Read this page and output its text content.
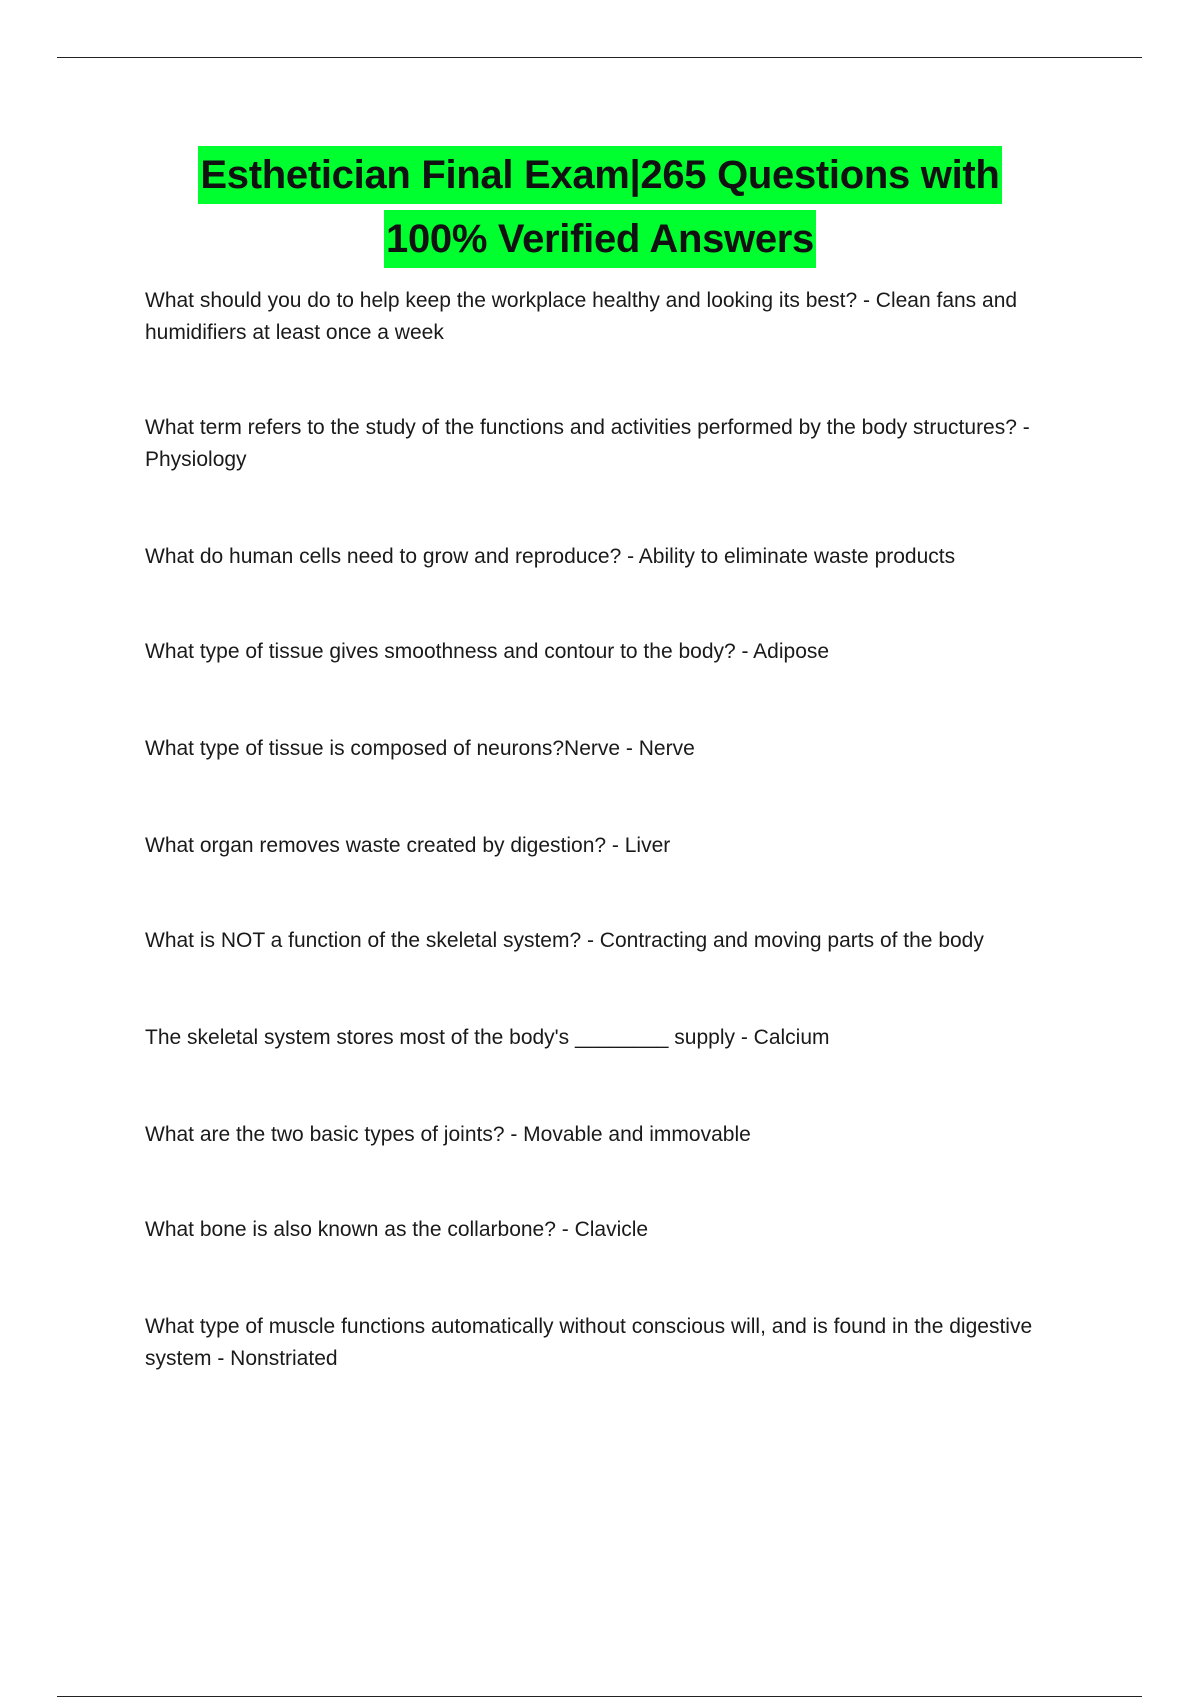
Esthetician Final Exam|265 Questions with
100% Verified Answers
What should you do to help keep the workplace healthy and looking its best? - Clean fans and humidifiers at least once a week
What term refers to the study of the functions and activities performed by the body structures? - Physiology
What do human cells need to grow and reproduce? - Ability to eliminate waste products
What type of tissue gives smoothness and contour to the body? - Adipose
What type of tissue is composed of neurons?Nerve - Nerve
What organ removes waste created by digestion? - Liver
What is NOT a function of the skeletal system? - Contracting and moving parts of the body
The skeletal system stores most of the body's ________ supply - Calcium
What are the two basic types of joints? - Movable and immovable
What bone is also known as the collarbone? - Clavicle
What type of muscle functions automatically without conscious will, and is found in the digestive system - Nonstriated
